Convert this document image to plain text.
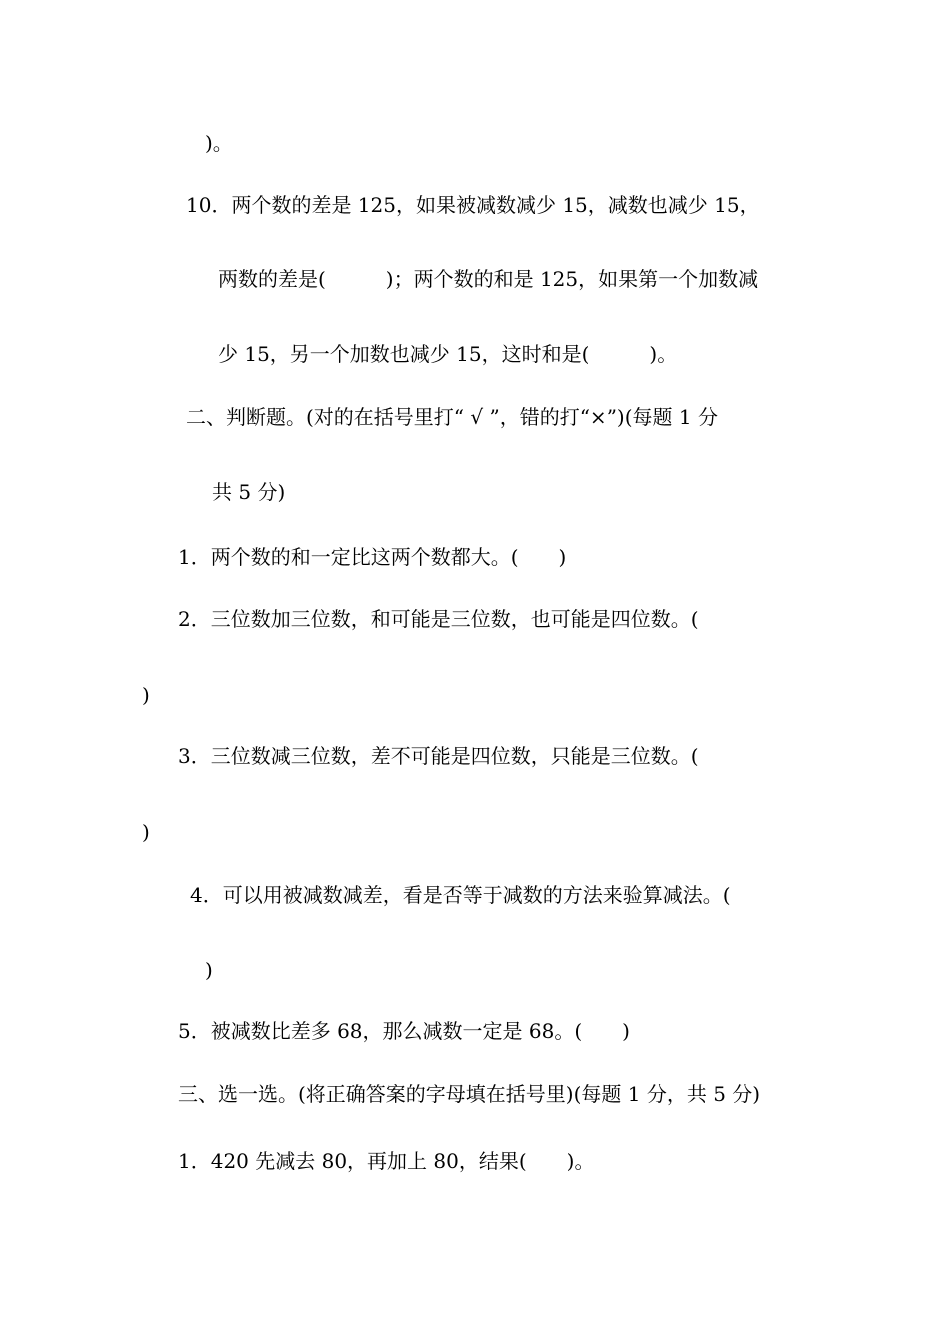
)。

10．两个数的差是 125，如果被减数减少 15，减数也减少 15，

两数的差是(　　　)；两个数的和是 125，如果第一个加数减

少 15，另一个加数也减少 15，这时和是(　　　)。

二、判断题。(对的在括号里打“ √ ”，错的打“×”)(每题 1 分

共 5 分)

1．两个数的和一定比这两个数都大。(　　)

2．三位数加三位数，和可能是三位数，也可能是四位数。(

)

3．三位数减三位数，差不可能是四位数，只能是三位数。(

)

4．可以用被减数减差，看是否等于减数的方法来验算减法。(

)

5．被减数比差多 68，那么减数一定是 68。(　　)

三、选一选。(将正确答案的字母填在括号里)(每题 1 分，共 5 分)

1．420 先减去 80，再加上 80，结果(　　)。
